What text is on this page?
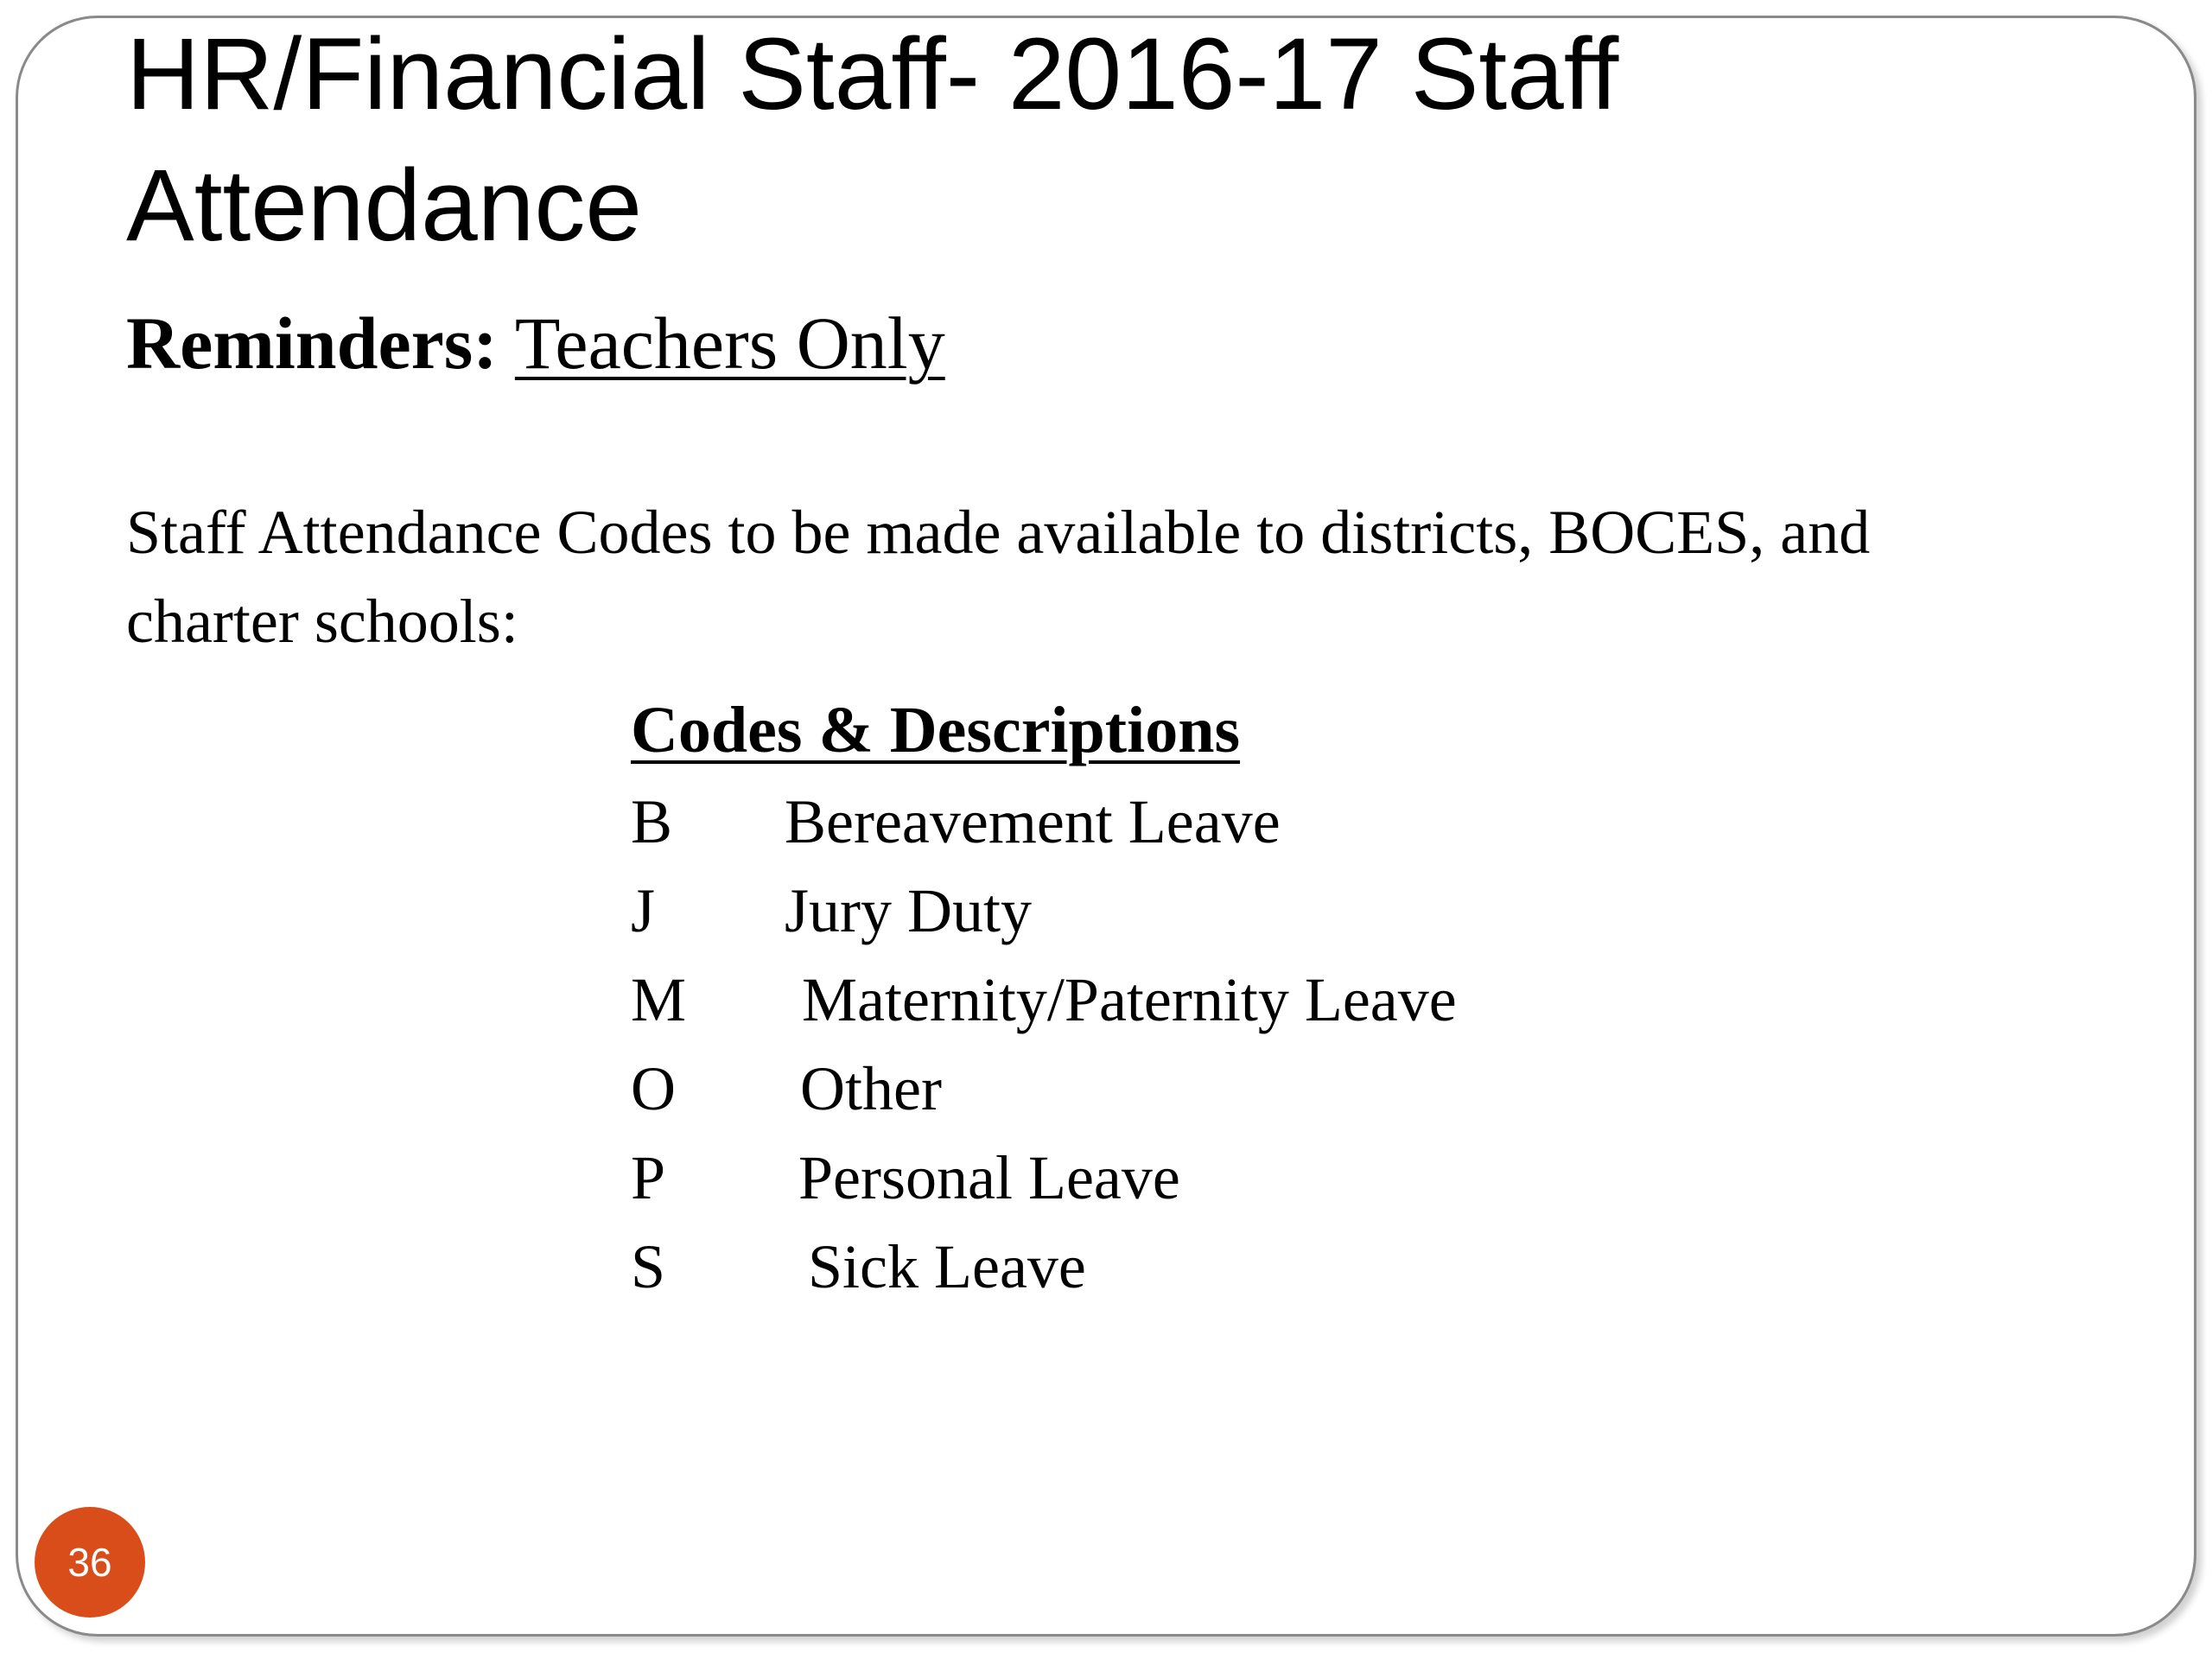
HR/Financial Staff- 2016-17 Staff
Attendance
Reminders: Teachers Only
Staff Attendance Codes to be made available to districts, BOCES, and
charter schools:
Codes & Descriptions
B Bereavement Leave
J Jury Duty
M Maternity/Paternity Leave
O Other
P Personal Leave
S Sick Leave
36
